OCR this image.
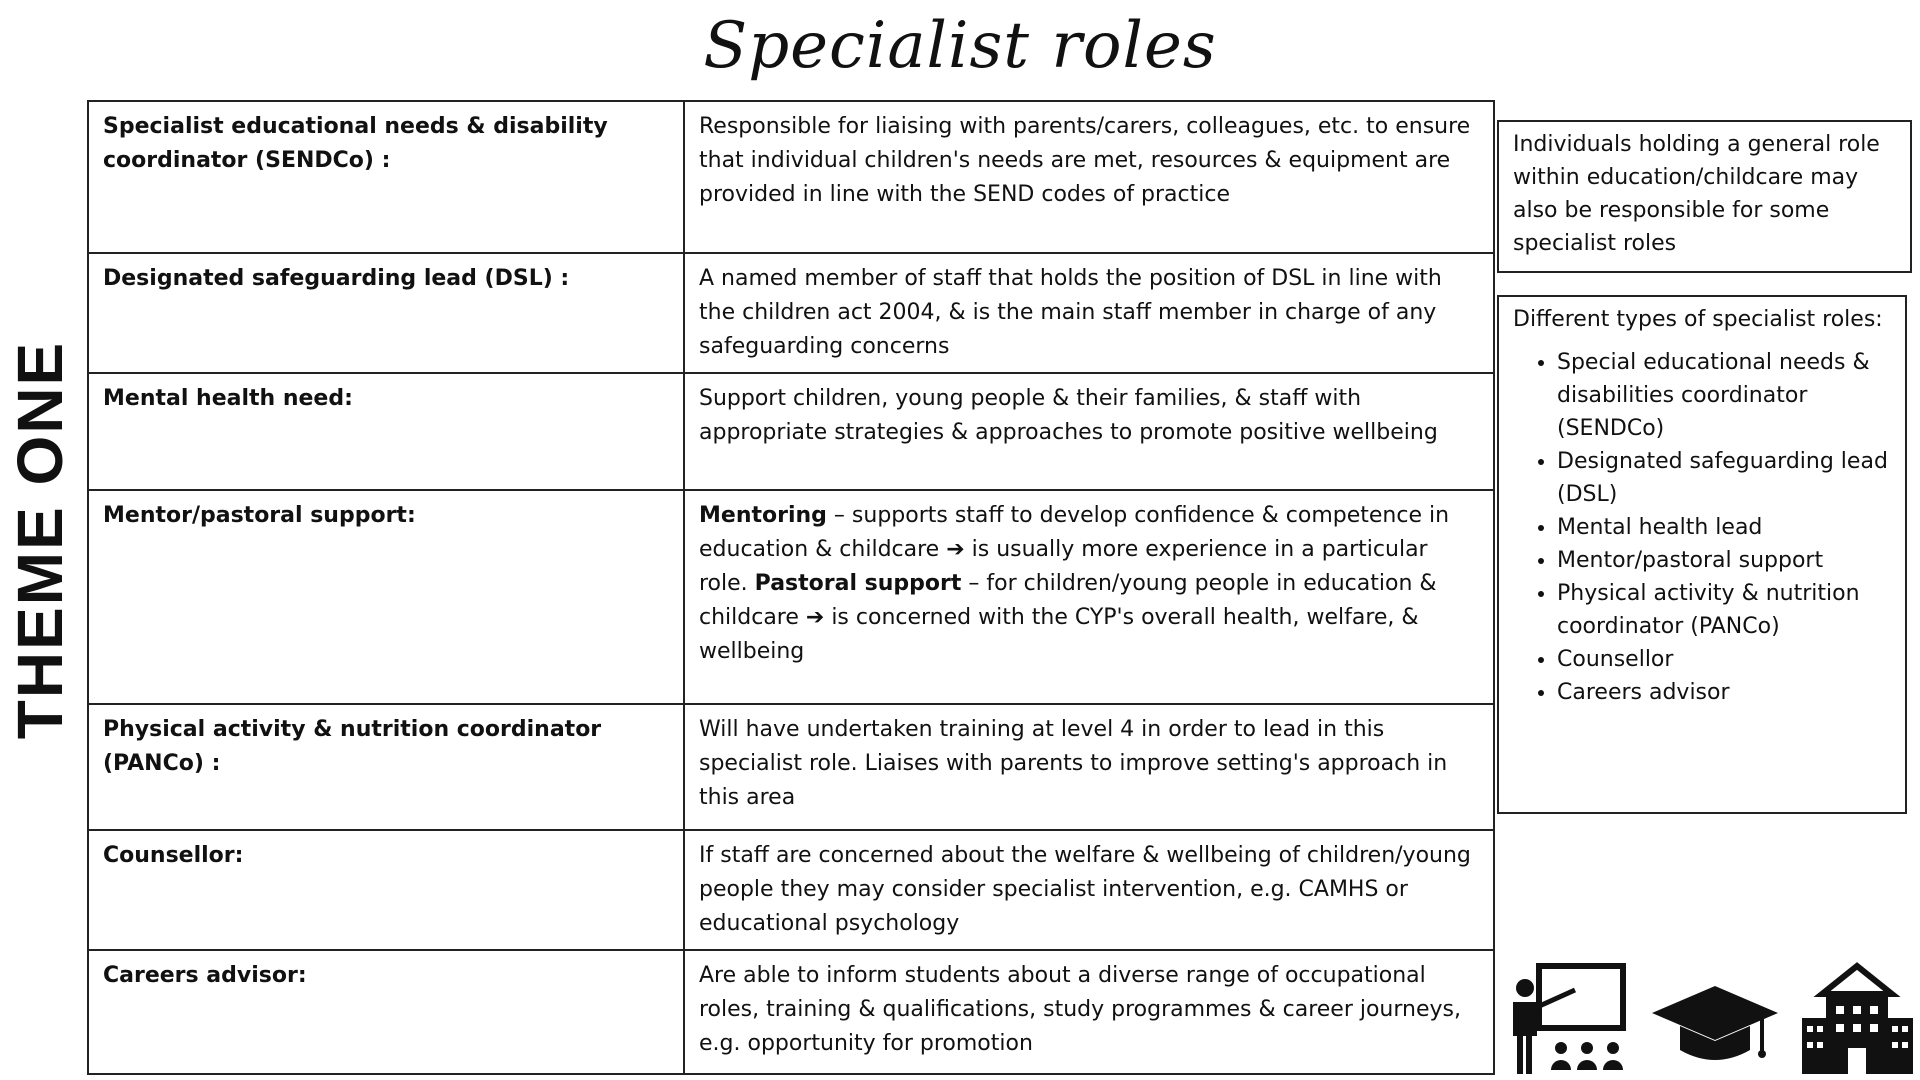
Specialist roles
THEME ONE
Specialist educational needs & disability coordinator (SENDCo) :	Responsible for liaising with parents/carers, colleagues, etc. to ensure that individual children's needs are met, resources & equipment are provided in line with the SEND codes of practice
Designated safeguarding lead (DSL) :	A named member of staff that holds the position of DSL in line with the children act 2004, & is the main staff member in charge of any safeguarding concerns
Mental health need:	Support children, young people & their families, & staff with appropriate strategies & approaches to promote positive wellbeing
Mentor/pastoral support:	Mentoring – supports staff to develop confidence & competence in education & childcare ➔ is usually more experience in a particular role. Pastoral support – for children/young people in education & childcare ➔ is concerned with the CYP's overall health, welfare, & wellbeing
Physical activity & nutrition coordinator (PANCo) :	Will have undertaken training at level 4 in order to lead in this specialist role. Liaises with parents to improve setting's approach in this area
Counsellor:	If staff are concerned about the welfare & wellbeing of children/young people they may consider specialist intervention, e.g. CAMHS or educational psychology
Careers advisor:	Are able to inform students about a diverse range of occupational roles, training & qualifications, study programmes & career journeys, e.g. opportunity for promotion
Individuals holding a general role within education/childcare may also be responsible for some specialist roles
Different types of specialist roles:
• Special educational needs & disabilities coordinator (SENDCo)
• Designated safeguarding lead (DSL)
• Mental health lead
• Mentor/pastoral support
• Physical activity & nutrition coordinator (PANCo)
• Counsellor
• Careers advisor
